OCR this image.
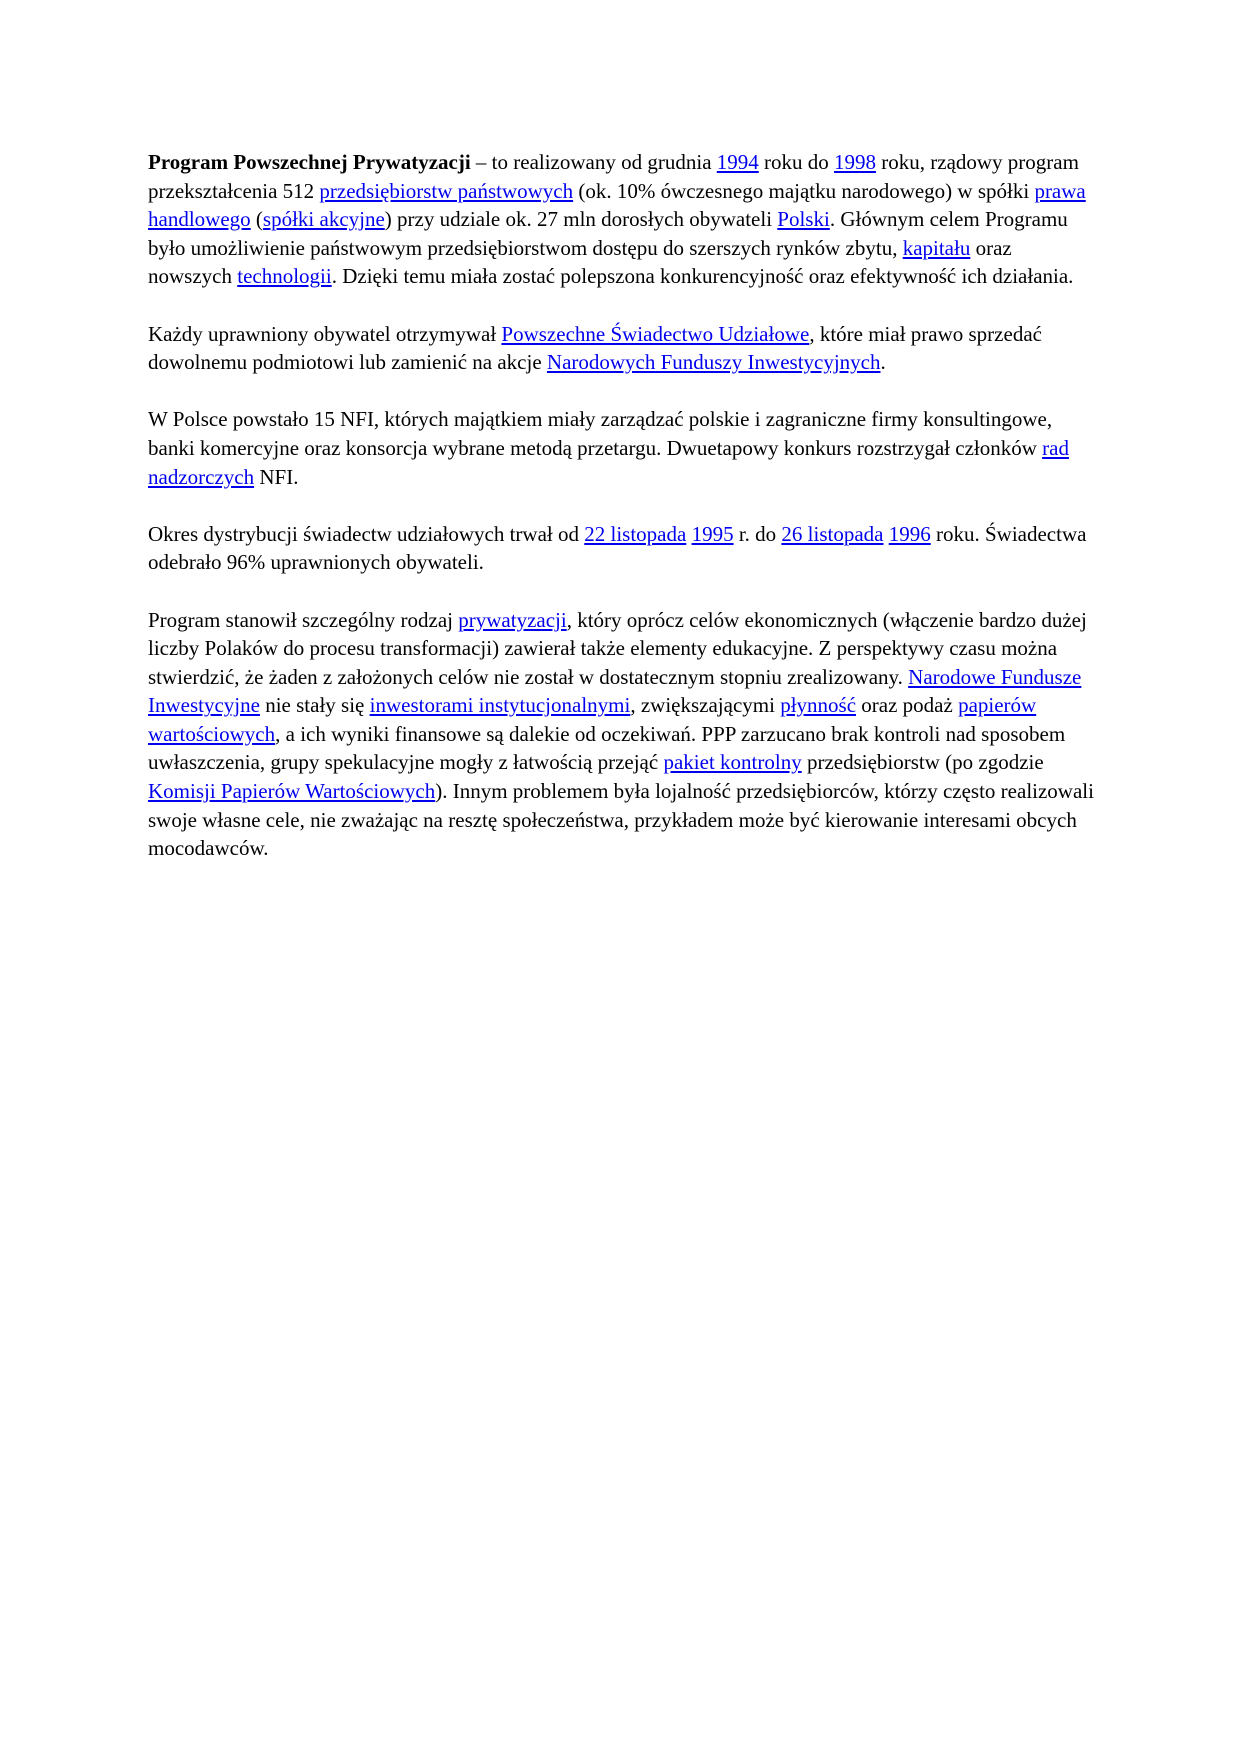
Program Powszechnej Prywatyzacji – to realizowany od grudnia 1994 roku do 1998 roku, rządowy program przekształcenia 512 przedsiębiorstw państwowych (ok. 10% ówczesnego majątku narodowego) w spółki prawa handlowego (spółki akcyjne) przy udziale ok. 27 mln dorosłych obywateli Polski. Głównym celem Programu było umożliwienie państwowym przedsiębiorstwom dostępu do szerszych rynków zbytu, kapitału oraz nowszych technologii. Dzięki temu miała zostać polepszona konkurencyjność oraz efektywność ich działania.

Każdy uprawniony obywatel otrzymywał Powszechne Świadectwo Udziałowe, które miał prawo sprzedać dowolnemu podmiotowi lub zamienić na akcje Narodowych Funduszy Inwestycyjnych.

W Polsce powstało 15 NFI, których majątkiem miały zarządzać polskie i zagraniczne firmy konsultingowe, banki komercyjne oraz konsorcja wybrane metodą przetargu. Dwuetapowy konkurs rozstrzygał członków rad nadzorczych NFI.

Okres dystrybucji świadectw udziałowych trwał od 22 listopada 1995 r. do 26 listopada 1996 roku. Świadectwa odebrało 96% uprawnionych obywateli.

Program stanowił szczególny rodzaj prywatyzacji, który oprócz celów ekonomicznych (włączenie bardzo dużej liczby Polaków do procesu transformacji) zawierał także elementy edukacyjne. Z perspektywy czasu można stwierdzić, że żaden z założonych celów nie został w dostatecznym stopniu zrealizowany. Narodowe Fundusze Inwestycyjne nie stały się inwestorami instytucjonalnymi, zwiększającymi płynność oraz podaż papierów wartościowych, a ich wyniki finansowe są dalekie od oczekiwań. PPP zarzucano brak kontroli nad sposobem uwłaszczenia, grupy spekulacyjne mogły z łatwością przejąć pakiet kontrolny przedsiębiorstw (po zgodzie Komisji Papierów Wartościowych). Innym problemem była lojalność przedsiębiorców, którzy często realizowali swoje własne cele, nie zważając na resztę społeczeństwa, przykładem może być kierowanie interesami obcych mocodawców.
